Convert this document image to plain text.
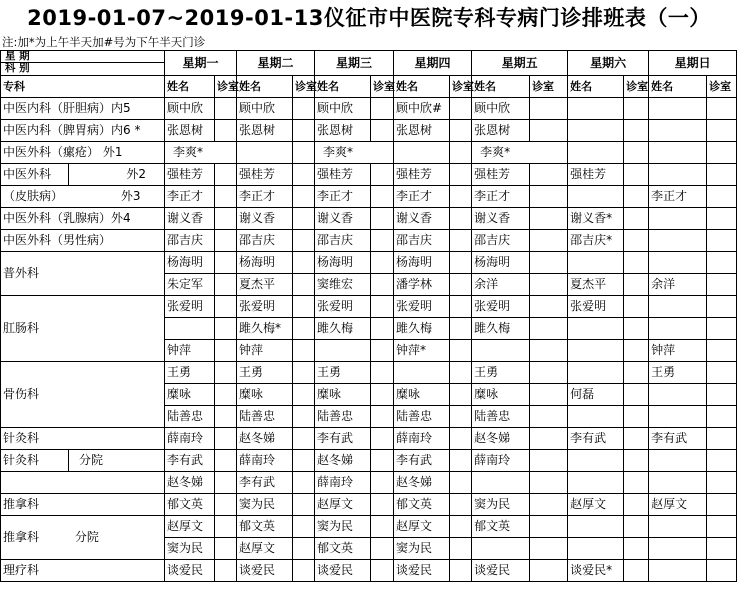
2019-01-07~2019-01-13仪征市中医院专科专病门诊排班表（一）
注:加*为上午半天加#号为下午半天门诊
星 期
科 别		星期一		星期二		星期三		星期四		星期五		星期六		星期日	
专科		姓名	诊室	姓名	诊室	姓名	诊室	姓名	诊室	姓名	诊室	姓名	诊室	姓名	诊室
中医内科（肝胆病）内5		顾中欣		顾中欣		顾中欣		顾中欣#		顾中欣					
中医内科（脾胃病）内6 *		张恩树		张恩树		张恩树		张恩树		张恩树					
中医外科（瘰疮） 外1		李爽*				李爽*				李爽*					
中医外科	外2	强桂芳		强桂芳		强桂芳		强桂芳		强桂芳		强桂芳			
（皮肤病） 外3		李正才		李正才		李正才		李正才		李正才				李正才	
中医外科（乳腺病）外4		谢义香		谢义香		谢义香		谢义香		谢义香		谢义香*			
中医外科（男性病）		邵吉庆		邵吉庆		邵吉庆		邵吉庆		邵吉庆		邵吉庆*			
普外科		杨海明		杨海明		杨海明		杨海明		杨海明					
		朱定军		夏杰平		窦维宏		潘学林		余洋		夏杰平		余洋	
肛肠科		张爱明		张爱明		张爱明		张爱明		张爱明		张爱明			
				雎久梅*		雎久梅		雎久梅		雎久梅					
		钟萍		钟萍				钟萍*						钟萍	
骨伤科		王勇		王勇		王勇				王勇				王勇	
		糜咏		糜咏		糜咏		糜咏		糜咏		何磊			
		陆善忠		陆善忠		陆善忠		陆善忠		陆善忠					
针灸科		薛南玲		赵冬娣		李有武		薛南玲		赵冬娣		李有武		李有武	
针灸科	分院	李有武		薛南玲		赵冬娣		李有武		薛南玲					
		赵冬娣		李有武		薛南玲		赵冬娣							
推拿科		郁文英		窦为民		赵厚文		郁文英		窦为民		赵厚文		赵厚文	
推拿科 分院		赵厚文		郁文英		窦为民		赵厚文		郁文英					
		窦为民		赵厚文		郁文英		窦为民							
理疗科		谈爱民		谈爱民		谈爱民		谈爱民		谈爱民		谈爱民*			
